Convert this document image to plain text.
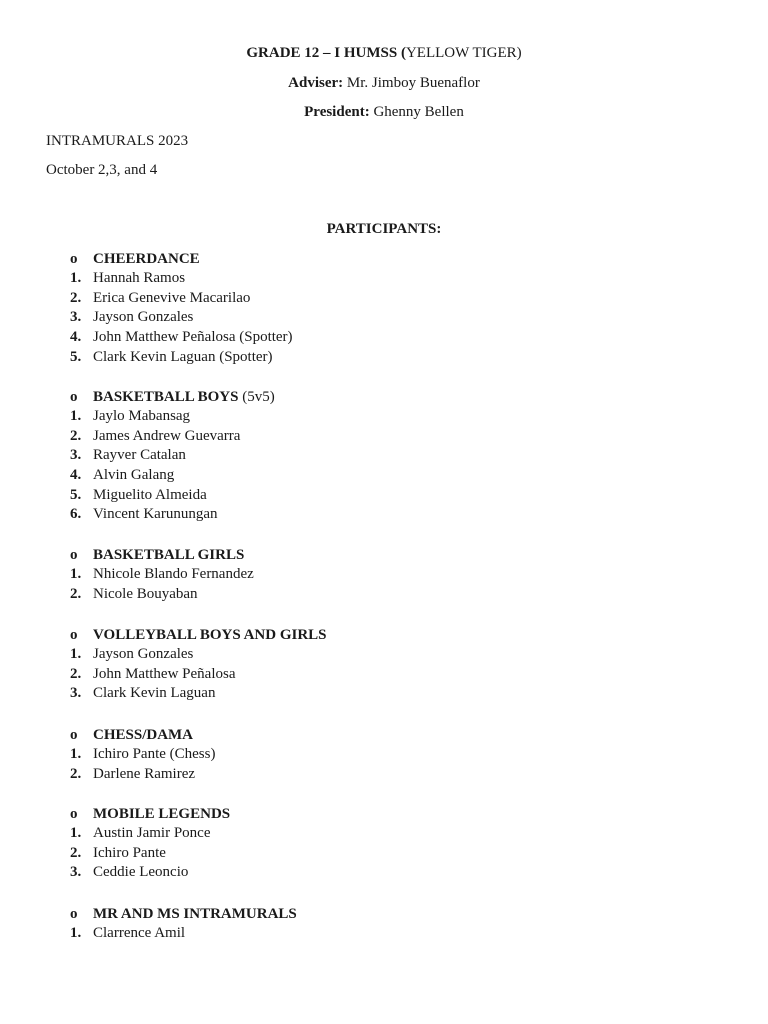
GRADE 12 – I HUMSS (YELLOW TIGER)
Adviser: Mr. Jimboy Buenaflor
President: Ghenny Bellen
INTRAMURALS 2023
October 2,3, and 4
PARTICIPANTS:
o CHEERDANCE
1. Hannah Ramos
2. Erica Genevive Macarilao
3. Jayson Gonzales
4. John Matthew Peñalosa (Spotter)
5. Clark Kevin Laguan (Spotter)
o BASKETBALL BOYS (5v5)
1. Jaylo Mabansag
2. James Andrew Guevarra
3. Rayver Catalan
4. Alvin Galang
5. Miguelito Almeida
6. Vincent Karunungan
o BASKETBALL GIRLS
1. Nhicole Blando Fernandez
2. Nicole Bouyaban
o VOLLEYBALL BOYS AND GIRLS
1. Jayson Gonzales
2. John Matthew Peñalosa
3. Clark Kevin Laguan
o CHESS/DAMA
1. Ichiro Pante (Chess)
2. Darlene Ramirez
o MOBILE LEGENDS
1. Austin Jamir Ponce
2. Ichiro Pante
3. Ceddie Leoncio
o MR AND MS INTRAMURALS
1. Clarrence Amil
